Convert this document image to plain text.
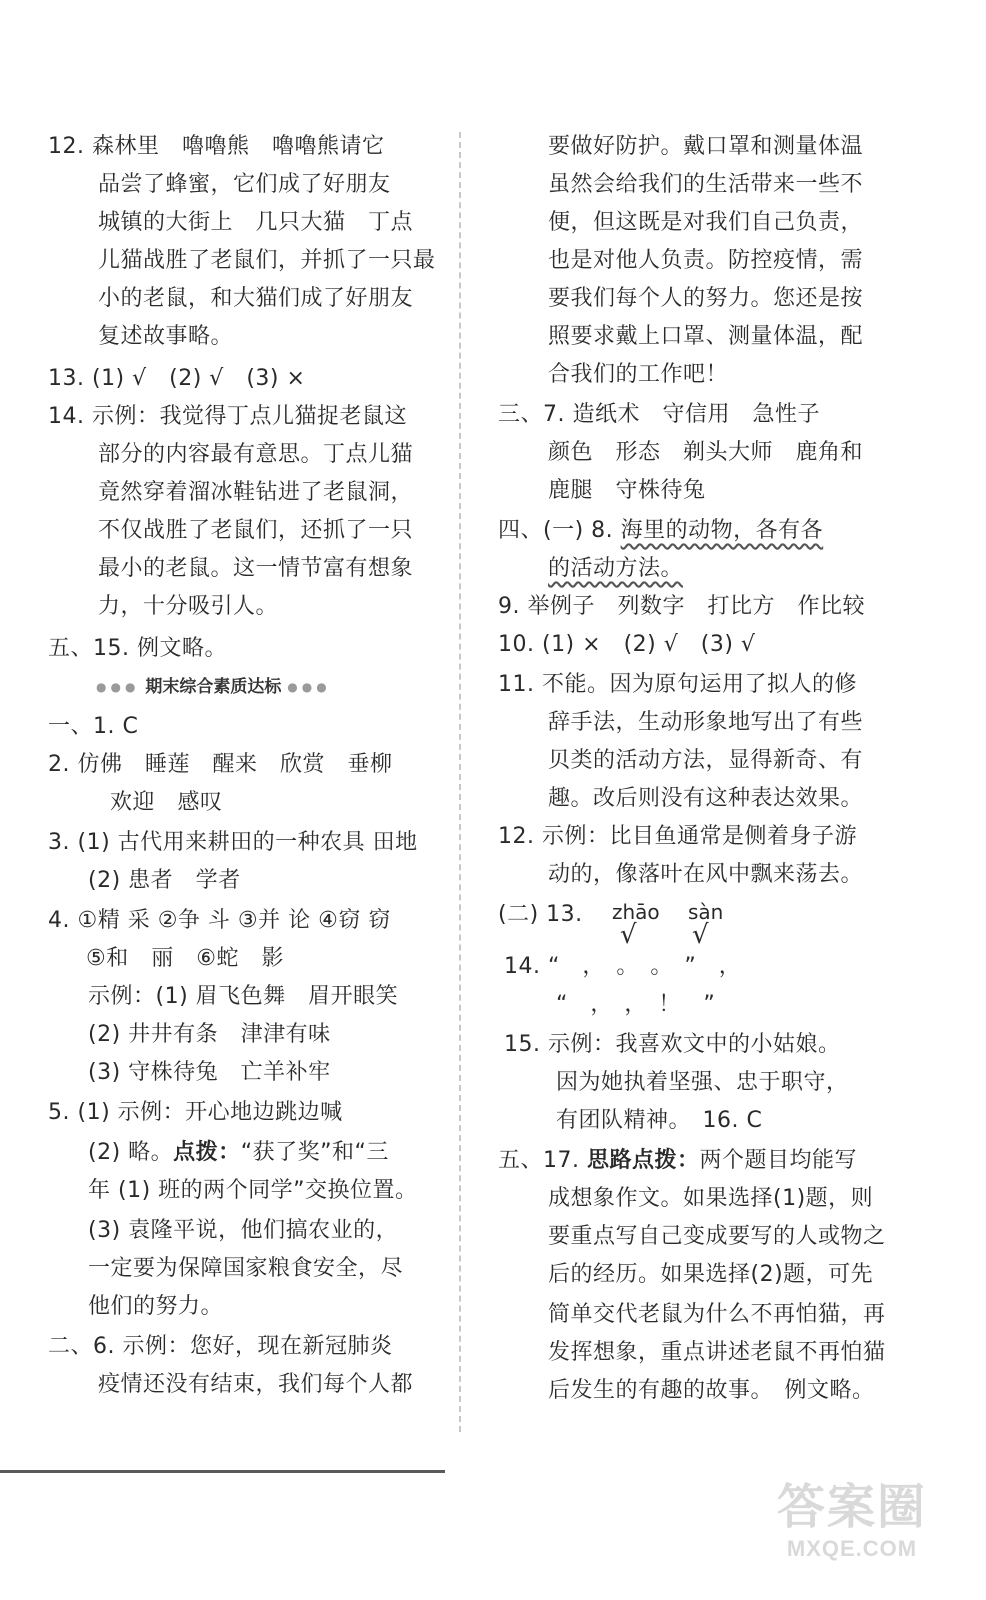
12. 森林里　嚕嚕熊　嚕嚕熊请它
品尝了蜂蜜，它们成了好朋友
城镇的大街上　几只大猫　丁点
儿猫战胜了老鼠们，并抓了一只最
小的老鼠，和大猫们成了好朋友
复述故事略。
13. (1) √　(2) √　(3) ×
14. 示例：我觉得丁点儿猫捉老鼠这
部分的内容最有意思。丁点儿猫
竟然穿着溜冰鞋钻进了老鼠洞，
不仅战胜了老鼠们，还抓了一只
最小的老鼠。这一情节富有想象
力，十分吸引人。
五、15. 例文略。
●●● 期末综合素质达标 ●●●
一、1. C
2. 仿佛　睡莲　醒来　欣赏　垂柳
欢迎　感叹
3. (1) 古代用来耕田的一种农具 田地
(2) 患者　学者
4. ①精 采 ②争 斗 ③并 论 ④窃 窃
⑤和　丽　⑥蛇　影
示例：(1) 眉飞色舞　眉开眼笑
(2) 井井有条　津津有味
(3) 守株待兔　亡羊补牢
5. (1) 示例：开心地边跳边喊
(2) 略。点拨：“获了奖”和“三
年 (1) 班的两个同学”交换位置。
(3) 袁隆平说，他们搞农业的，
一定要为保障国家粮食安全，尽
他们的努力。
二、6. 示例：您好，现在新冠肺炎
疫情还没有结束，我们每个人都
要做好防护。戴口罩和测量体温
虽然会给我们的生活带来一些不
便，但这既是对我们自己负责，
也是对他人负责。防控疫情，需
要我们每个人的努力。您还是按
照要求戴上口罩、测量体温，配
合我们的工作吧！
三、7. 造纸术　守信用　急性子
颜色　形态　剃头大师　鹿角和
鹿腿　守株待兔
四、(一) 8. 海里的动物，各有各
的活动方法。
9. 举例子　列数字　打比方　作比较
10. (1) ×　(2) √　(3) √
11. 不能。因为原句运用了拟人的修
辞手法，生动形象地写出了有些
贝类的活动方法，显得新奇、有
趣。改后则没有这种表达效果。
12. 示例：比目鱼通常是侧着身子游
动的，像落叶在风中飘来荡去。
(二) 13. zhāo sàn
√ √
14. “　，　。　。　”　，
“　，　，　！　”
15. 示例：我喜欢文中的小姑娘。
因为她执着坚强、忠于职守，
有团队精神。　16. C
五、17. 思路点拨：两个题目均能写
成想象作文。如果选择(1)题，则
要重点写自己变成要写的人或物之
后的经历。如果选择(2)题，可先
简单交代老鼠为什么不再怕猫，再
发挥想象，重点讲述老鼠不再怕猫
后发生的有趣的故事。　例文略。
答案圈
MXQE.COM
